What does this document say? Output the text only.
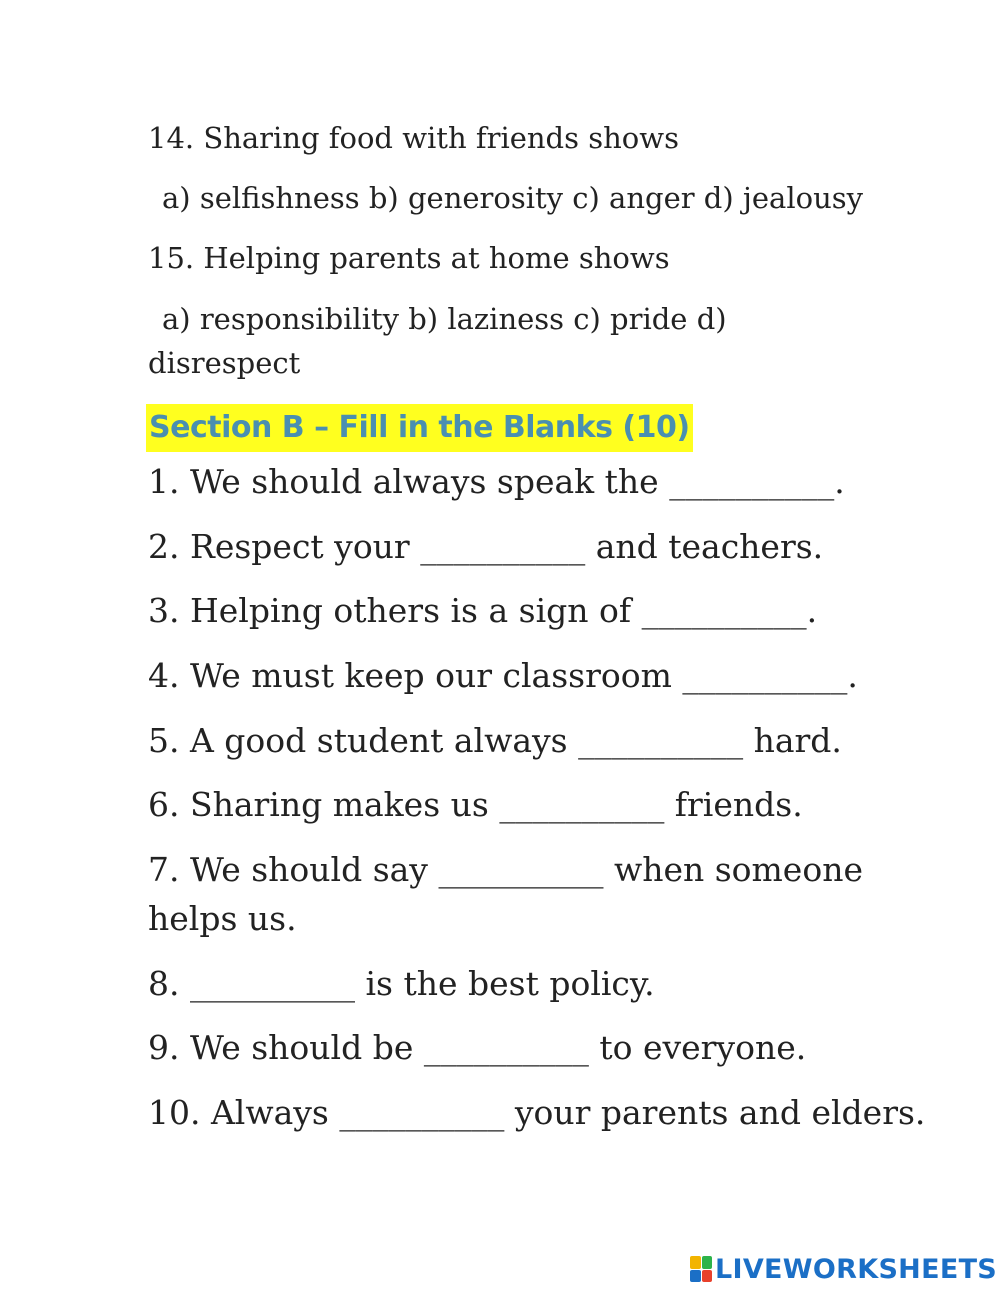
14. Sharing food with friends shows
a) selfishness b) generosity c) anger d) jealousy
15. Helping parents at home shows
a) responsibility b) laziness c) pride d)
disrespect
Section B – Fill in the Blanks (10)
1. We should always speak the __________.
2. Respect your __________ and teachers.
3. Helping others is a sign of __________.
4. We must keep our classroom __________.
5. A good student always __________ hard.
6. Sharing makes us __________ friends.
7. We should say __________ when someone
helps us.
8. __________ is the best policy.
9. We should be __________ to everyone.
10. Always __________ your parents and elders.
LIVEWORKSHEETS
